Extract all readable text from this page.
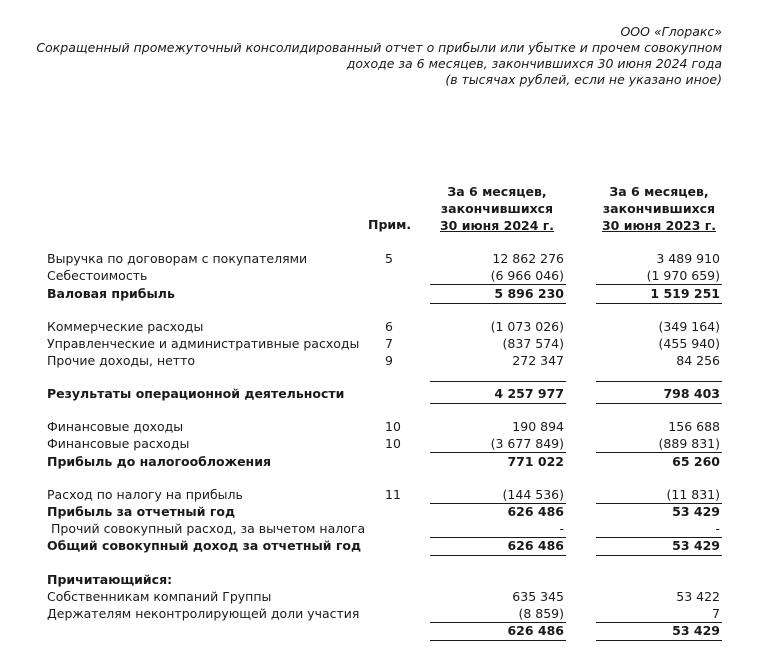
ООО «Глоракс»
Сокращенный промежуточный консолидированный отчет о прибыли или убытке и прочем совокупном
доходе за 6 месяцев, закончившихся 30 июня 2024 года
(в тысячах рублей, если не указано иное)
Прим.
За 6 месяцев,
закончившихся
30 июня 2024 г.
За 6 месяцев,
закончившихся
30 июня 2023 г.
Выручка по договорам с покупателями	5	12 862 276	3 489 910
Себестоимость	(6 966 046)	(1 970 659)
Валовая прибыль	5 896 230	1 519 251
Коммерческие расходы	6	(1 073 026)	(349 164)
Управленческие и административные расходы 7	(837 574)	(455 940)
Прочие доходы, нетто	9	272 347	84 256
Результаты операционной деятельности	4 257 977	798 403
Финансовые доходы	10	190 894	156 688
Финансовые расходы	10	(3 677 849)	(889 831)
Прибыль до налогообложения	771 022	65 260
Расход по налогу на прибыль	11	(144 536)	(11 831)
Прибыль за отчетный год	626 486	53 429
Прочий совокупный расход, за вычетом налога	-	-
Общий совокупный доход за отчетный год	626 486	53 429
Причитающийся:
Собственникам компаний Группы	635 345	53 422
Держателям неконтролирующей доли участия	(8 859)	7
626 486	53 429
